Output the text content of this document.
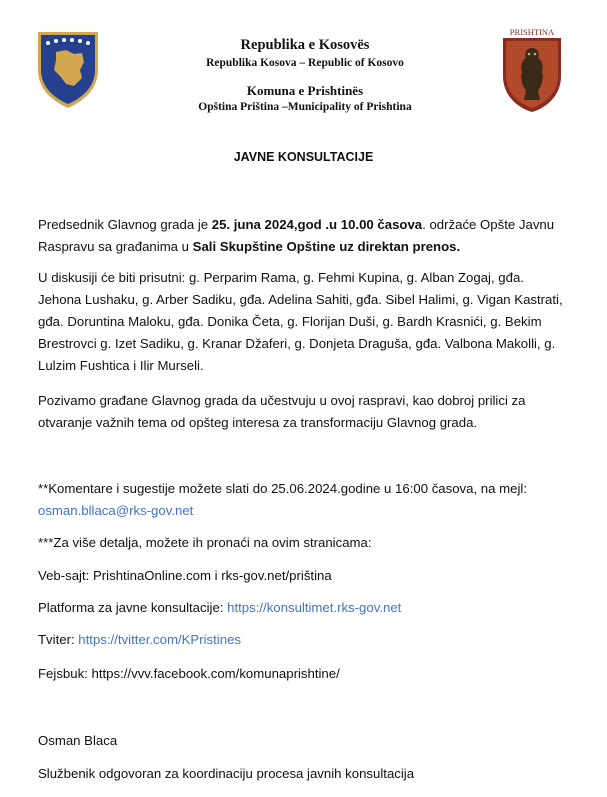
Republika e Kosovës
Republika Kosova – Republic of Kosovo
Komuna e Prishtinës
Opština Priština –Municipality of Prishtina
PRISHTINA
JAVNE KONSULTACIJE
Predsednik Glavnog grada je 25. juna 2024,god .u 10.00 časova. održaće Opšte Javnu Raspravu sa građanima u Sali Skupštine Opštine uz direktan prenos.
U diskusiji će biti prisutni: g. Perparim Rama, g. Fehmi Kupina, g. Alban Zogaj, gđa. Jehona Lushaku, g. Arber Sadiku, gđa. Adelina Sahiti, gđa. Sibel Halimi, g. Vigan Kastrati, gđa. Doruntina Maloku, gđa. Donika Četa, g. Florijan Duši, g. Bardh Krasnići, g. Bekim Brestrovci g. Izet Sadiku, g. Kranar Džaferi, g. Donjeta Draguša, gđa. Valbona Makolli, g. Lulzim Fushtica i Ilir Murseli.
Pozivamo građane Glavnog grada da učestvuju u ovoj raspravi, kao dobroj prilici za otvaranje važnih tema od opšteg interesa za transformaciju Glavnog grada.
**Komentare i sugestije možete slati do 25.06.2024.godine u 16:00 časova, na mejl: osman.bllaca@rks-gov.net
***Za više detalja, možete ih pronaći na ovim stranicama:
Veb-sajt: PrishtinaOnline.com i rks-gov.net/priština
Platforma za javne konsultacije: https://konsultimet.rks-gov.net
Tviter: https://tvitter.com/KPristines
Fejsbuk: https://vvv.facebook.com/komunaprishtine/
Osman Blaca
Službenik odgovoran za koordinaciju procesa javnih konsultacija
